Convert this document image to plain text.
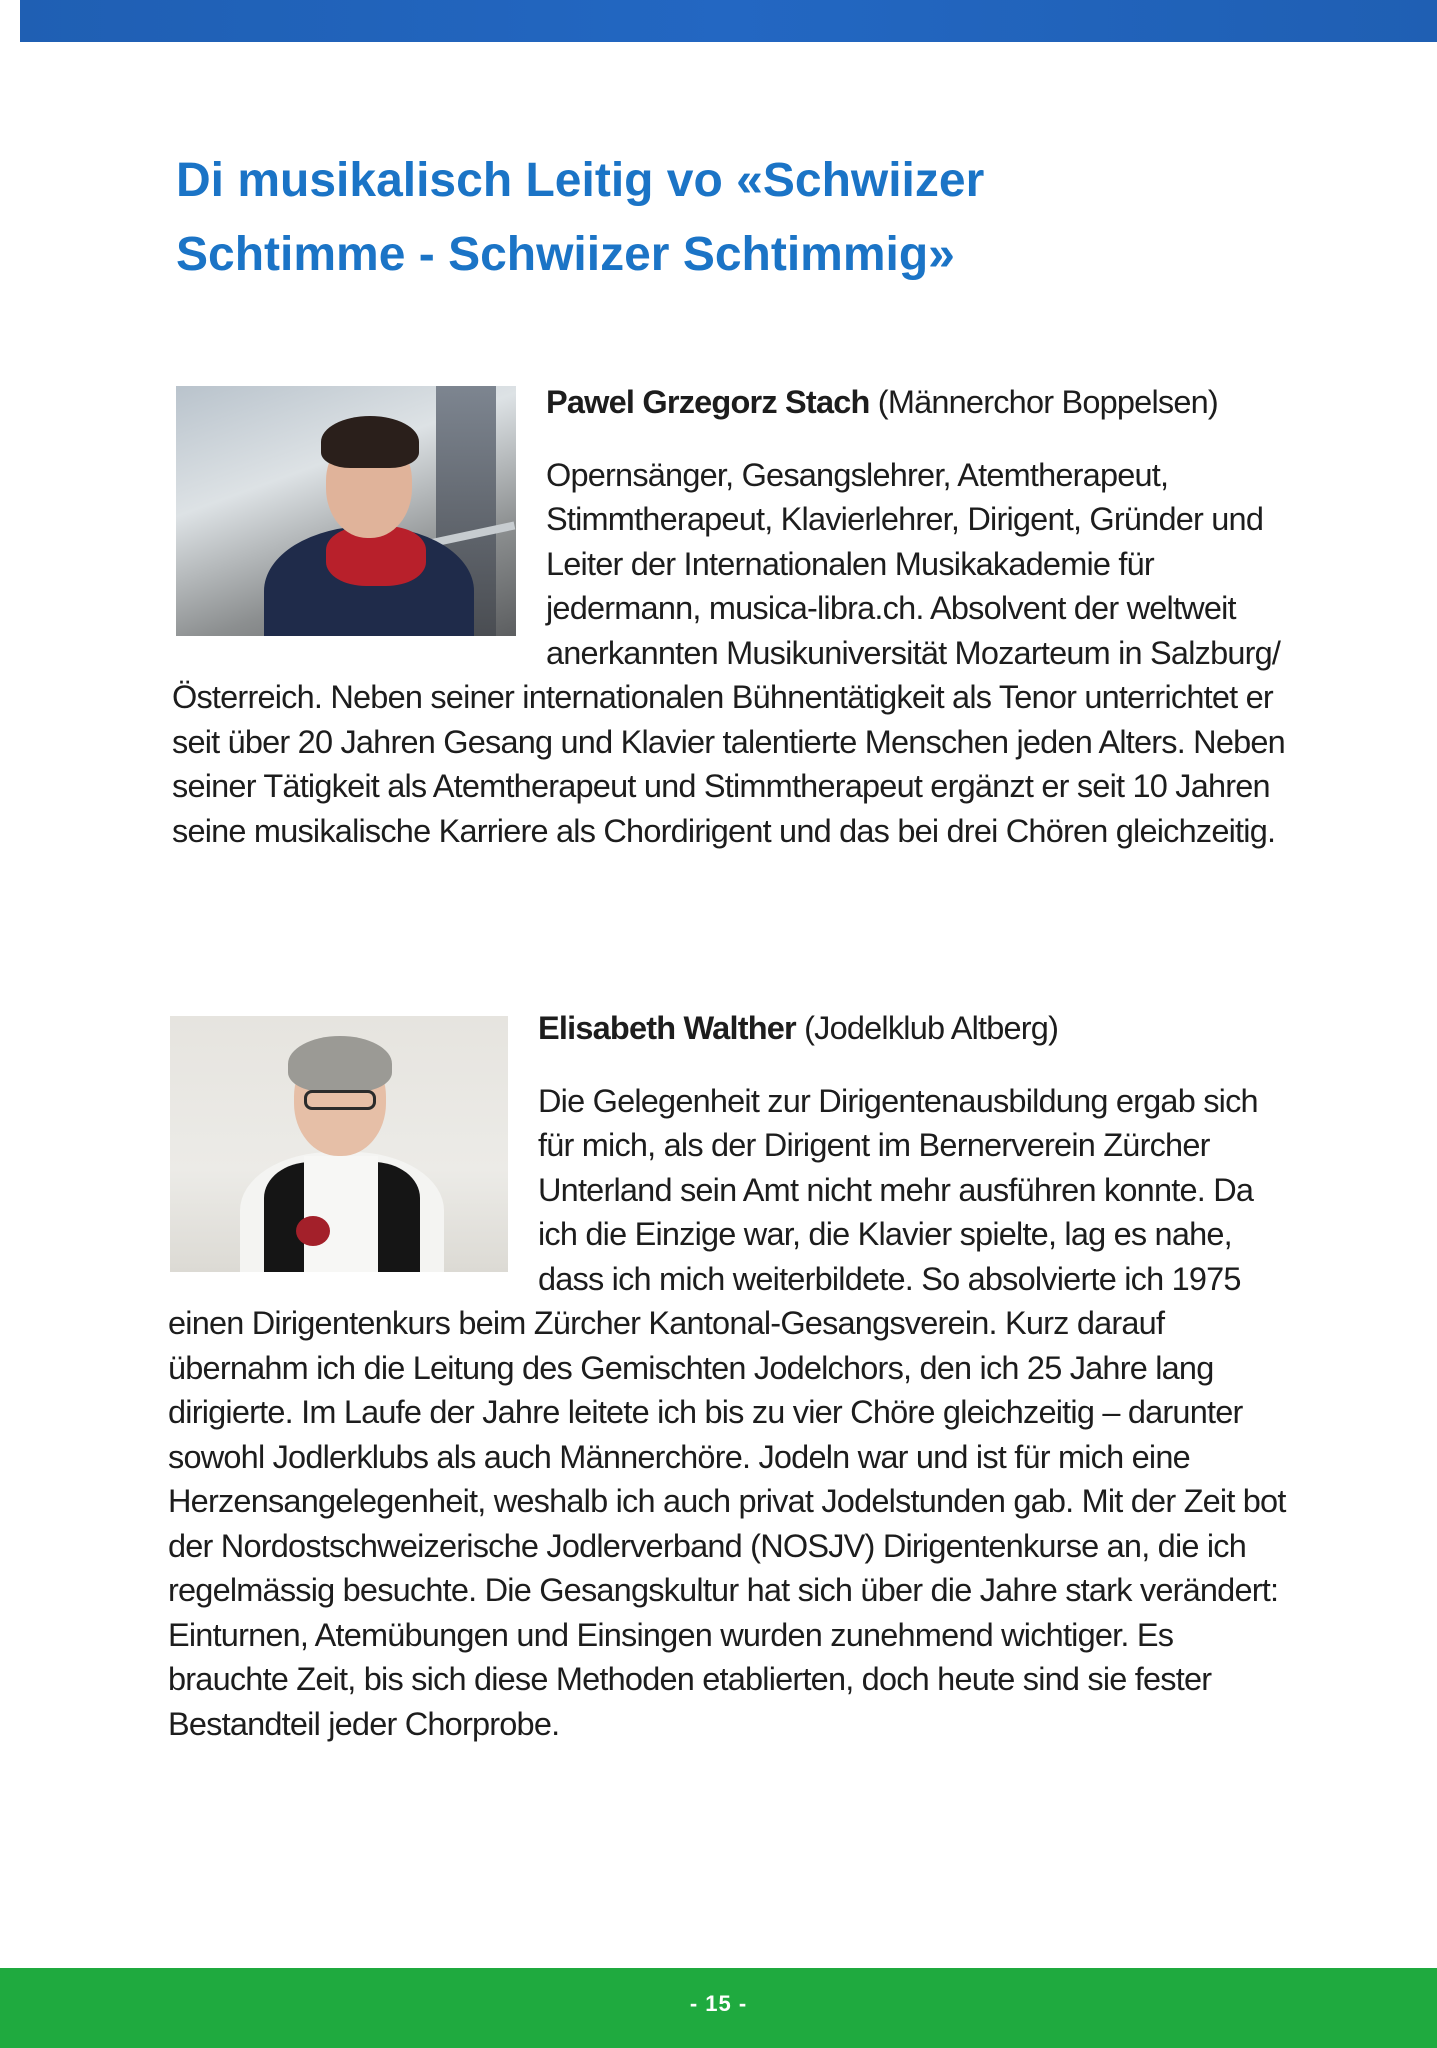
Di musikalisch Leitig vo «Schwiizer
Schtimme - Schwiizer Schtimmig»

Pawel Grzegorz Stach (Männerchor Boppelsen)

Opernsänger, Gesangslehrer, Atemtherapeut, Stimmtherapeut, Klavierlehrer, Dirigent, Gründer und Leiter der Internationalen Musikakademie für jedermann, musica-libra.ch. Absolvent der weltweit anerkannten Musikuniversität Mozarteum in Salzburg/Österreich. Neben seiner internationalen Bühnentätigkeit als Tenor unterrichtet er seit über 20 Jahren Gesang und Klavier talentierte Menschen jeden Alters. Neben seiner Tätigkeit als Atemtherapeut und Stimmtherapeut ergänzt er seit 10 Jahren seine musikalische Karriere als Chordirigent und das bei drei Chören gleichzeitig.

Elisabeth Walther (Jodelklub Altberg)

Die Gelegenheit zur Dirigentenausbildung ergab sich für mich, als der Dirigent im Bernerverein Zürcher Unterland sein Amt nicht mehr ausführen konnte. Da ich die Einzige war, die Klavier spielte, lag es nahe, dass ich mich weiterbildete. So absolvierte ich 1975 einen Dirigentenkurs beim Zürcher Kantonal-Gesangsverein. Kurz darauf übernahm ich die Leitung des Gemischten Jodelchors, den ich 25 Jahre lang dirigierte. Im Laufe der Jahre leitete ich bis zu vier Chöre gleichzeitig – darunter sowohl Jodlerklubs als auch Männerchöre. Jodeln war und ist für mich eine Herzensangelegenheit, weshalb ich auch privat Jodelstunden gab. Mit der Zeit bot der Nordostschweizerische Jodlerverband (NOSJV) Dirigentenkurse an, die ich regelmässig besuchte. Die Gesangskultur hat sich über die Jahre stark verändert: Einturnen, Atemübungen und Einsingen wurden zunehmend wichtiger. Es brauchte Zeit, bis sich diese Methoden etablierten, doch heute sind sie fester Bestandteil jeder Chorprobe.

- 15 -
